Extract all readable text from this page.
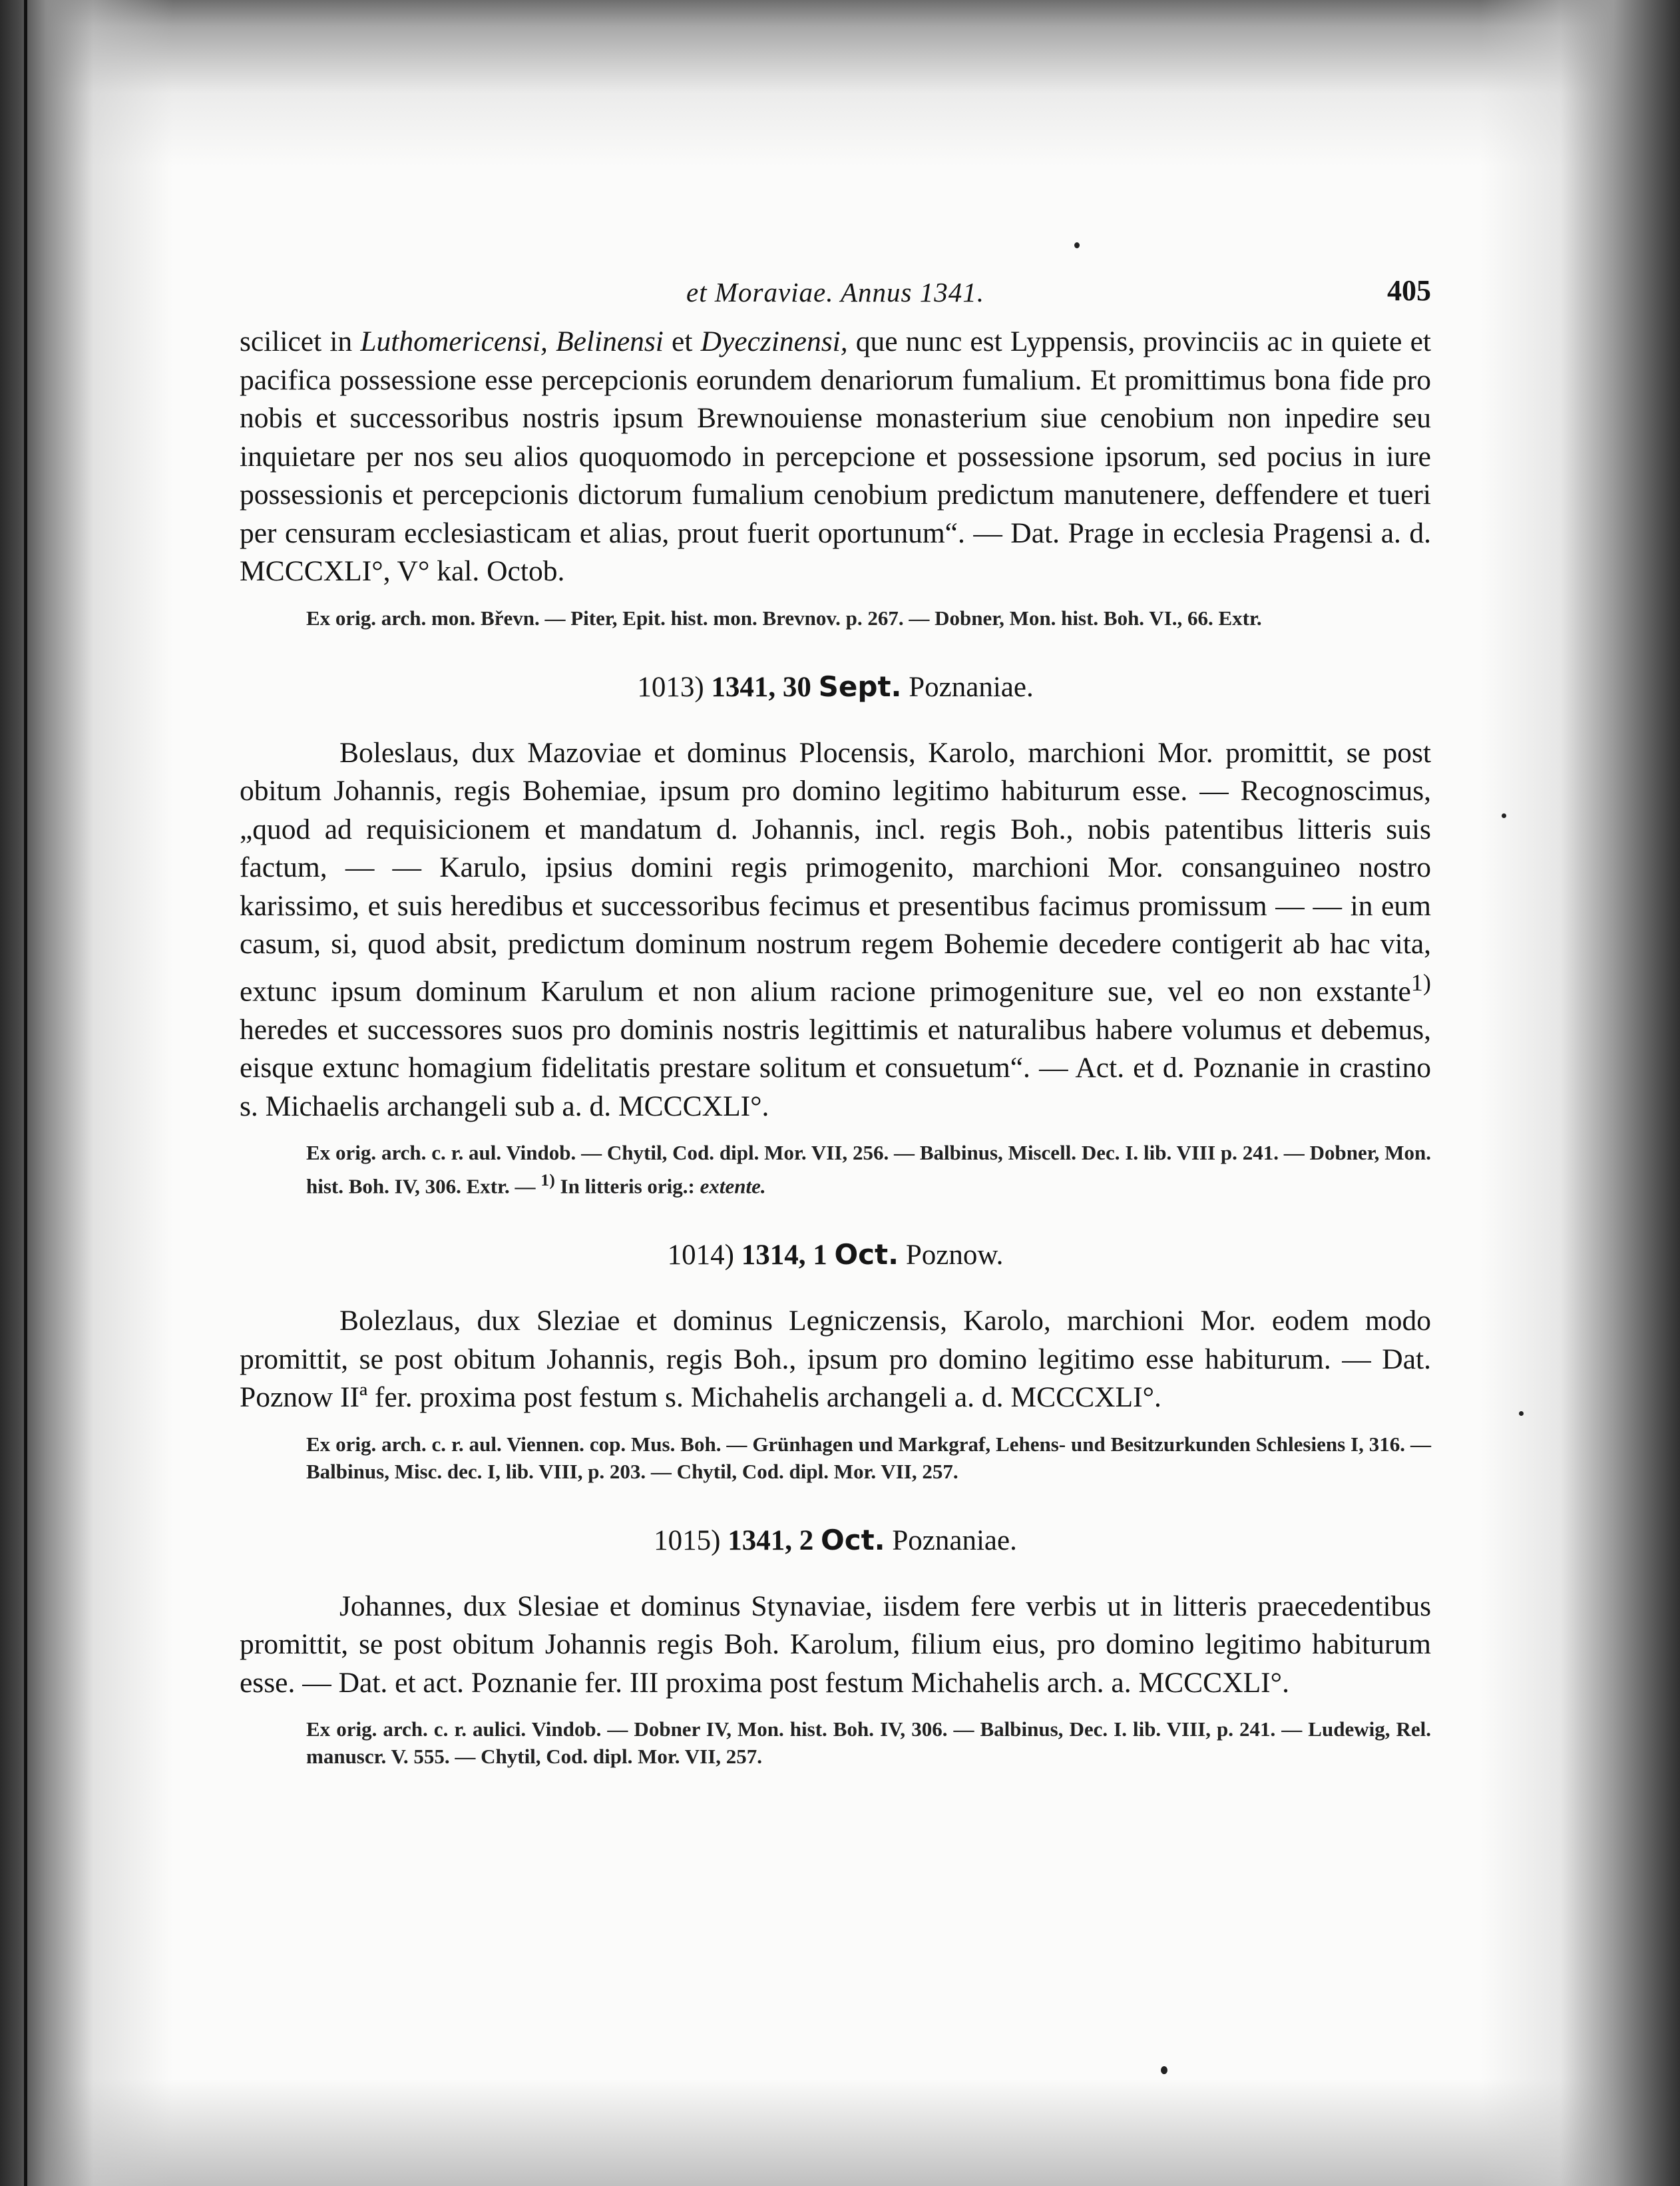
et Moraviae. Annus 1341.	405

scilicet in Luthomericensi, Belinensi et Dyeczinensi, que nunc est Lyppensis, provinciis ac in quiete et pacifica possessione esse percepcionis eorundem denariorum fumalium. Et promittimus bona fide pro nobis et successoribus nostris ipsum Brewnouiense monasterium siue cenobium non inpedire seu inquietare per nos seu alios quoquomodo in percepcione et possessione ipsorum, sed pocius in iure possessionis et percepcionis dictorum fumalium cenobium predictum manutenere, deffendere et tueri per censuram ecclesiasticam et alias, prout fuerit oportunum“. — Dat. Prage in ecclesia Pragensi a. d. MCCCXLI°, V° kal. Octob.

Ex orig. arch. mon. Břevn. — Piter, Epit. hist. mon. Brevnov. p. 267. — Dobner, Mon. hist. Boh. VI., 66. Extr.

1013) 1341, 30 Sept. Poznaniae.

Boleslaus, dux Mazoviae et dominus Plocensis, Karolo, marchioni Mor. promittit, se post obitum Johannis, regis Bohemiae, ipsum pro domino legitimo habiturum esse. — Recognoscimus, „quod ad requisicionem et mandatum d. Johannis, incl. regis Boh., nobis patentibus litteris suis factum, — — Karulo, ipsius domini regis primogenito, marchioni Mor. consanguineo nostro karissimo, et suis heredibus et successoribus fecimus et presentibus facimus promissum — — in eum casum, si, quod absit, predictum dominum nostrum regem Bohemie decedere contigerit ab hac vita, extunc ipsum dominum Karulum et non alium racione primogeniture sue, vel eo non exstante$^{1)}$ heredes et successores suos pro dominis nostris legittimis et naturalibus habere volumus et debemus, eisque extunc homagium fidelitatis prestare solitum et consuetum“. — Act. et d. Poznanie in crastino s. Michaelis archangeli sub a. d. MCCCXLI°.

Ex orig. arch. c. r. aul. Vindob. — Chytil, Cod. dipl. Mor. VII, 256. — Balbinus, Miscell. Dec. I. lib. VIII p. 241. — Dobner, Mon. hist. Boh. IV, 306. Extr. — $^{1)}$ In litteris orig.: extente.

1014) 1314, 1 Oct. Poznow.

Bolezlaus, dux Sleziae et dominus Legniczensis, Karolo, marchioni Mor. eodem modo promittit, se post obitum Johannis, regis Boh., ipsum pro domino legitimo esse habiturum. — Dat. Poznow IIª fer. proxima post festum s. Michahelis archangeli a. d. MCCCXLI°.

Ex orig. arch. c. r. aul. Viennen. cop. Mus. Boh. — Grünhagen und Markgraf, Lehens- und Besitzurkunden Schlesiens I, 316. — Balbinus, Misc. dec. I, lib. VIII, p. 203. — Chytil, Cod. dipl. Mor. VII, 257.

1015) 1341, 2 Oct. Poznaniae.

Johannes, dux Slesiae et dominus Stynaviae, iisdem fere verbis ut in litteris praecedentibus promittit, se post obitum Johannis regis Boh. Karolum, filium eius, pro domino legitimo habiturum esse. — Dat. et act. Poznanie fer. III proxima post festum Michahelis arch. a. MCCCXLI°.

Ex orig. arch. c. r. aulici. Vindob. — Dobner IV, Mon. hist. Boh. IV, 306. — Balbinus, Dec. I. lib. VIII, p. 241. — Ludewig, Rel. manuscr. V. 555. — Chytil, Cod. dipl. Mor. VII, 257.
